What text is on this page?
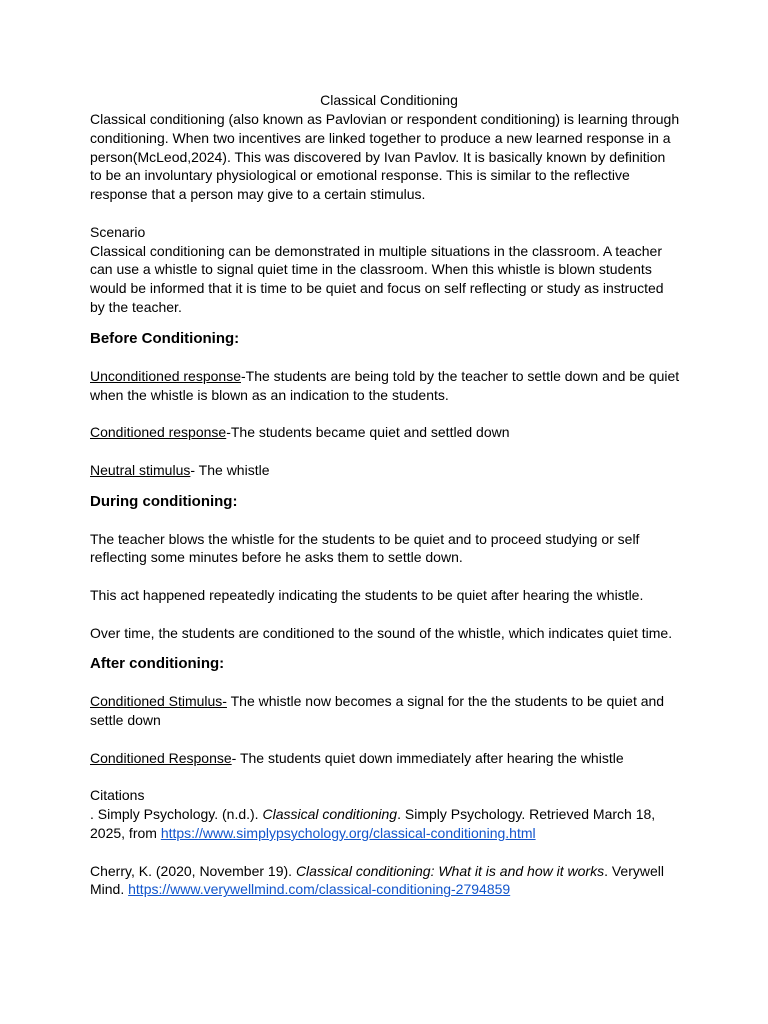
Classical Conditioning

Classical conditioning (also known as Pavlovian or respondent conditioning) is learning through conditioning. When two incentives are linked together to produce a new learned response in a person(McLeod,2024). This was discovered by Ivan Pavlov. It is basically known by definition to be an involuntary physiological or emotional response. This is similar to the reflective response that a person may give to a certain stimulus.

Scenario

Classical conditioning can be demonstrated in multiple situations in the classroom. A teacher can use a whistle to signal quiet time in the classroom. When this whistle is blown students would be informed that it is time to be quiet and focus on self reflecting or study as instructed by the teacher.

Before Conditioning:

Unconditioned response-The students are being told by the teacher to settle down and be quiet when the whistle is blown as an indication to the students.

Conditioned response-The students became quiet and settled down

Neutral stimulus- The whistle

During conditioning:

The teacher blows the whistle for the students to be quiet and to proceed studying or self reflecting some minutes before he asks them to settle down.

This act happened repeatedly indicating the students to be quiet after hearing the whistle.

Over time, the students are conditioned to the sound of the whistle, which indicates quiet time.

After conditioning:

Conditioned Stimulus- The whistle now becomes a signal for the the students to be quiet and settle down

Conditioned Response- The students quiet down immediately after hearing the whistle

Citations

. Simply Psychology. (n.d.). Classical conditioning. Simply Psychology. Retrieved March 18, 2025, from https://www.simplypsychology.org/classical-conditioning.html

Cherry, K. (2020, November 19). Classical conditioning: What it is and how it works. Verywell Mind. https://www.verywellmind.com/classical-conditioning-2794859
